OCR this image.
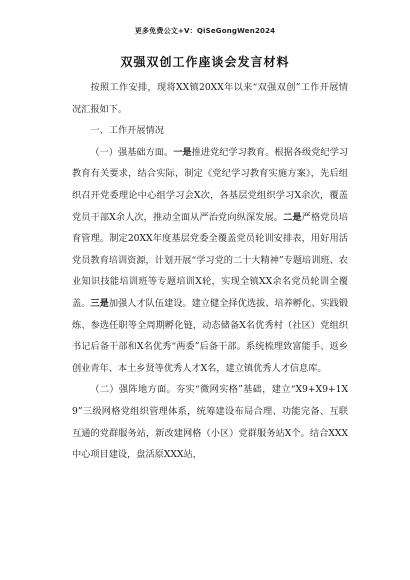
更多免费公文+V：QiSeGongWen2024
双强双创工作座谈会发言材料

按照工作安排，现将XX镇20XX年以来“双强双创”工作开展情况汇报如下。

一、工作开展情况

（一）强基础方面。一是推进党纪学习教育。根据各级党纪学习教育有关要求，结合实际，制定《党纪学习教育实施方案》，先后组织召开党委理论中心组学习会X次，各基层党组织学习X余次，覆盖党员干部X余人次，推动全面从严治党向纵深发展。二是严格党员培育管理。制定20XX年度基层党委全覆盖党员轮训安排表，用好用活党员教育培训资源，计划开展“学习党的二十大精神”专题培训班、农业知识技能培训班等专题培训X轮，实现全镇XX余名党员轮训全覆盖。三是加强人才队伍建设。建立健全择优选拔、培养孵化、实践锻炼、参选任职等全周期孵化链，动态储备X名优秀村（社区）党组织书记后备干部和X名优秀“两委”后备干部。系统梳理致富能手、返乡创业青年、本土乡贤等优秀人才X名，建立镇优秀人才信息库。

（二）强阵地方面。夯实“微网实格”基础，建立“X9+X9+1X9”三级网格党组织管理体系，统筹建设布局合理、功能完备、互联互通的党群服务站，新改建网格（小区）党群服务站X个。结合XXX中心项目建设，盘活原XXX站，
